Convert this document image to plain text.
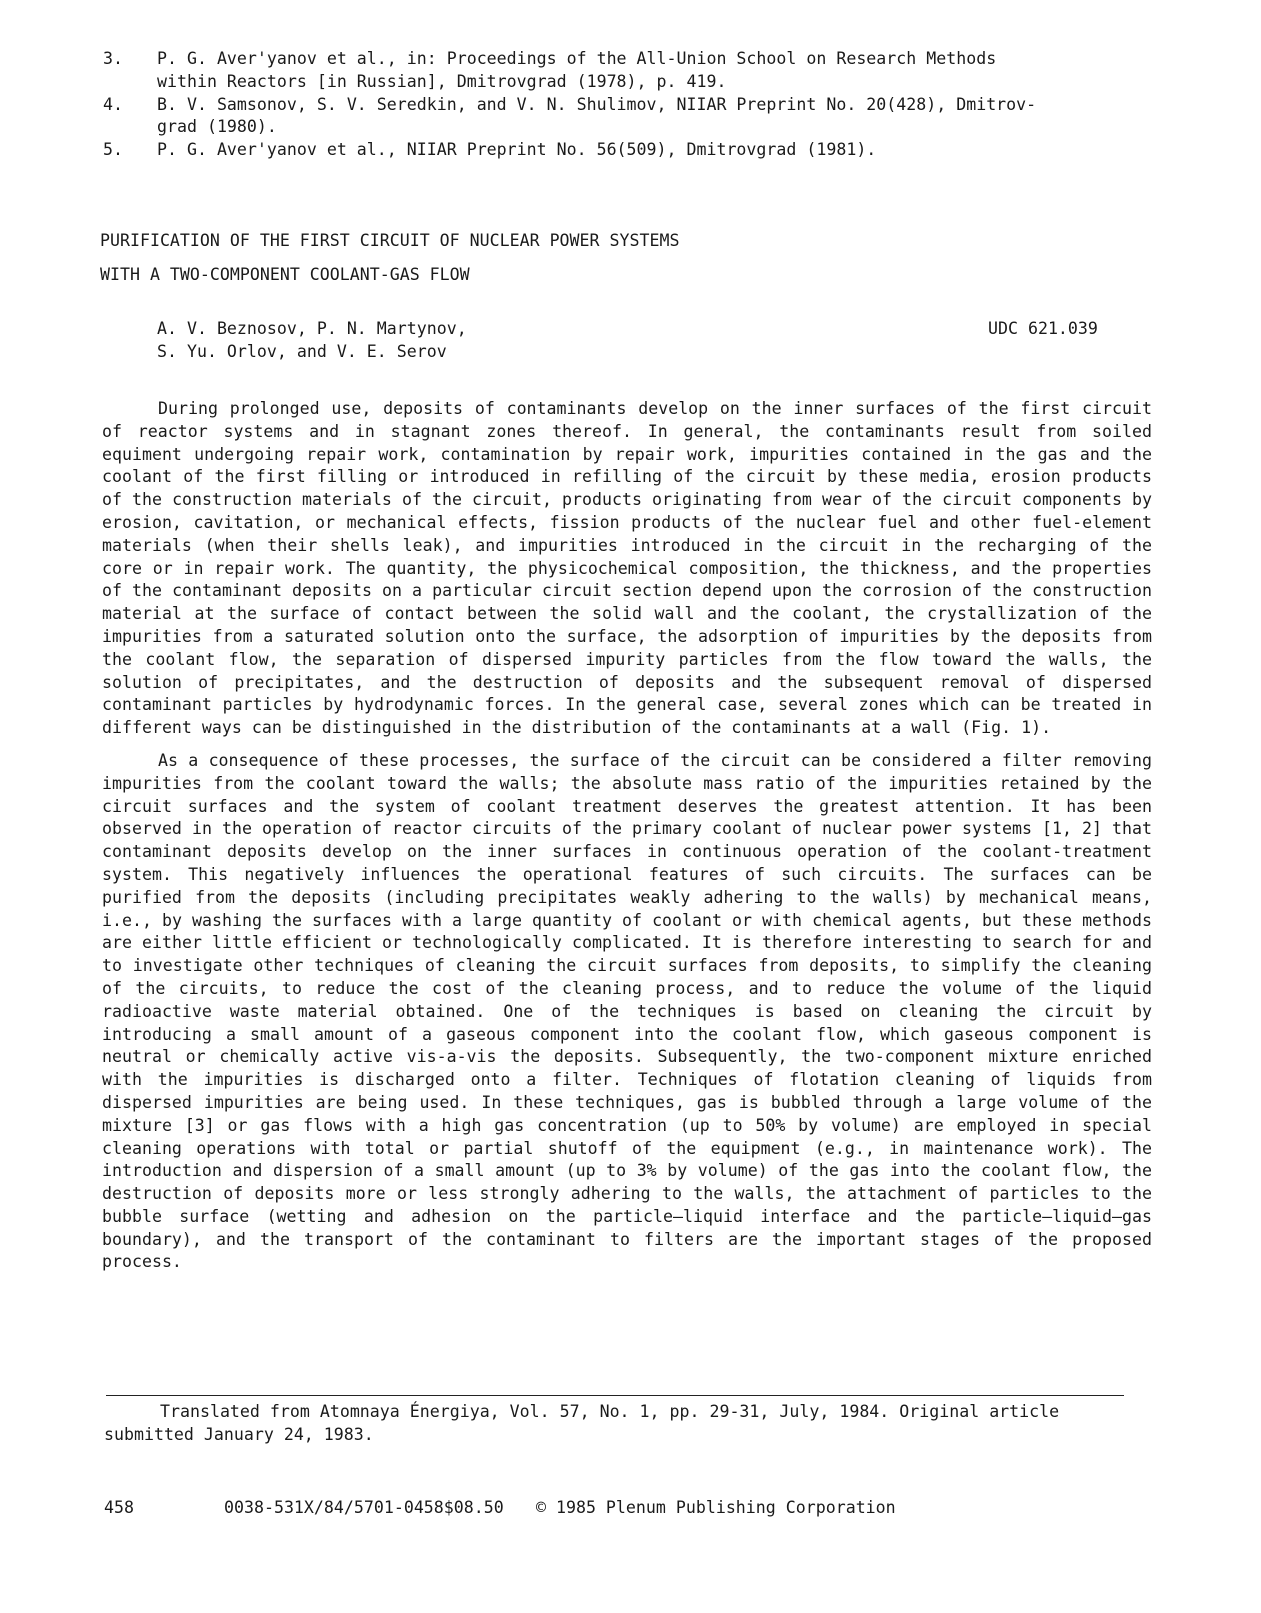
3.	P. G. Aver'yanov et al., in: Proceedings of the All-Union School on Research Methods
within Reactors [in Russian], Dmitrovgrad (1978), p. 419.
4.	B. V. Samsonov, S. V. Seredkin, and V. N. Shulimov, NIIAR Preprint No. 20(428), Dmitrov-
grad (1980).
5.	P. G. Aver'yanov et al., NIIAR Preprint No. 56(509), Dmitrovgrad (1981).
PURIFICATION OF THE FIRST CIRCUIT OF NUCLEAR POWER SYSTEMS
WITH A TWO-COMPONENT COOLANT-GAS FLOW
A. V. Beznosov, P. N. Martynov,
S. Yu. Orlov, and V. E. Serov
UDC 621.039

During prolonged use, deposits of contaminants develop on the inner surfaces of the first circuit of reactor systems and in stagnant zones thereof. In general, the contaminants result from soiled equiment undergoing repair work, contamination by repair work, impurities contained in the gas and the coolant of the first filling or introduced in refilling of the circuit by these media, erosion products of the construction materials of the circuit, products originating from wear of the circuit components by erosion, cavitation, or mechanical effects, fission products of the nuclear fuel and other fuel-element materials (when their shells leak), and impurities introduced in the circuit in the recharging of the core or in repair work. The quantity, the physicochemical composition, the thickness, and the properties of the contaminant deposits on a particular circuit section depend upon the corrosion of the construction material at the surface of contact between the solid wall and the coolant, the crystallization of the impurities from a saturated solution onto the surface, the adsorption of impurities by the deposits from the coolant flow, the separation of dispersed impurity particles from the flow toward the walls, the solution of precipitates, and the destruction of deposits and the subsequent removal of dispersed contaminant particles by hydrodynamic forces. In the general case, several zones which can be treated in different ways can be distinguished in the distribution of the contaminants at a wall (Fig. 1).

As a consequence of these processes, the surface of the circuit can be considered a filter removing impurities from the coolant toward the walls; the absolute mass ratio of the impurities retained by the circuit surfaces and the system of coolant treatment deserves the greatest attention. It has been observed in the operation of reactor circuits of the primary coolant of nuclear power systems [1, 2] that contaminant deposits develop on the inner surfaces in continuous operation of the coolant-treatment system. This negatively influences the operational features of such circuits. The surfaces can be purified from the deposits (including precipitates weakly adhering to the walls) by mechanical means, i.e., by washing the surfaces with a large quantity of coolant or with chemical agents, but these methods are either little efficient or technologically complicated. It is therefore interesting to search for and to investigate other techniques of cleaning the circuit surfaces from deposits, to simplify the cleaning of the circuits, to reduce the cost of the cleaning process, and to reduce the volume of the liquid radioactive waste material obtained. One of the techniques is based on cleaning the circuit by introducing a small amount of a gaseous component into the coolant flow, which gaseous component is neutral or chemically active vis-a-vis the deposits. Subsequently, the two-component mixture enriched with the impurities is discharged onto a filter. Techniques of flotation cleaning of liquids from dispersed impurities are being used. In these techniques, gas is bubbled through a large volume of the mixture [3] or gas flows with a high gas concentration (up to 50% by volume) are employed in special cleaning operations with total or partial shutoff of the equipment (e.g., in maintenance work). The introduction and dispersion of a small amount (up to 3% by volume) of the gas into the coolant flow, the destruction of deposits more or less strongly adhering to the walls, the attachment of particles to the bubble surface (wetting and adhesion on the particle–liquid interface and the particle–liquid–gas boundary), and the transport of the contaminant to filters are the important stages of the proposed process.

Translated from Atomnaya Énergiya, Vol. 57, No. 1, pp. 29-31, July, 1984. Original article submitted January 24, 1983.
458	0038-531X/84/5701-0458$08.50	© 1985 Plenum Publishing Corporation
